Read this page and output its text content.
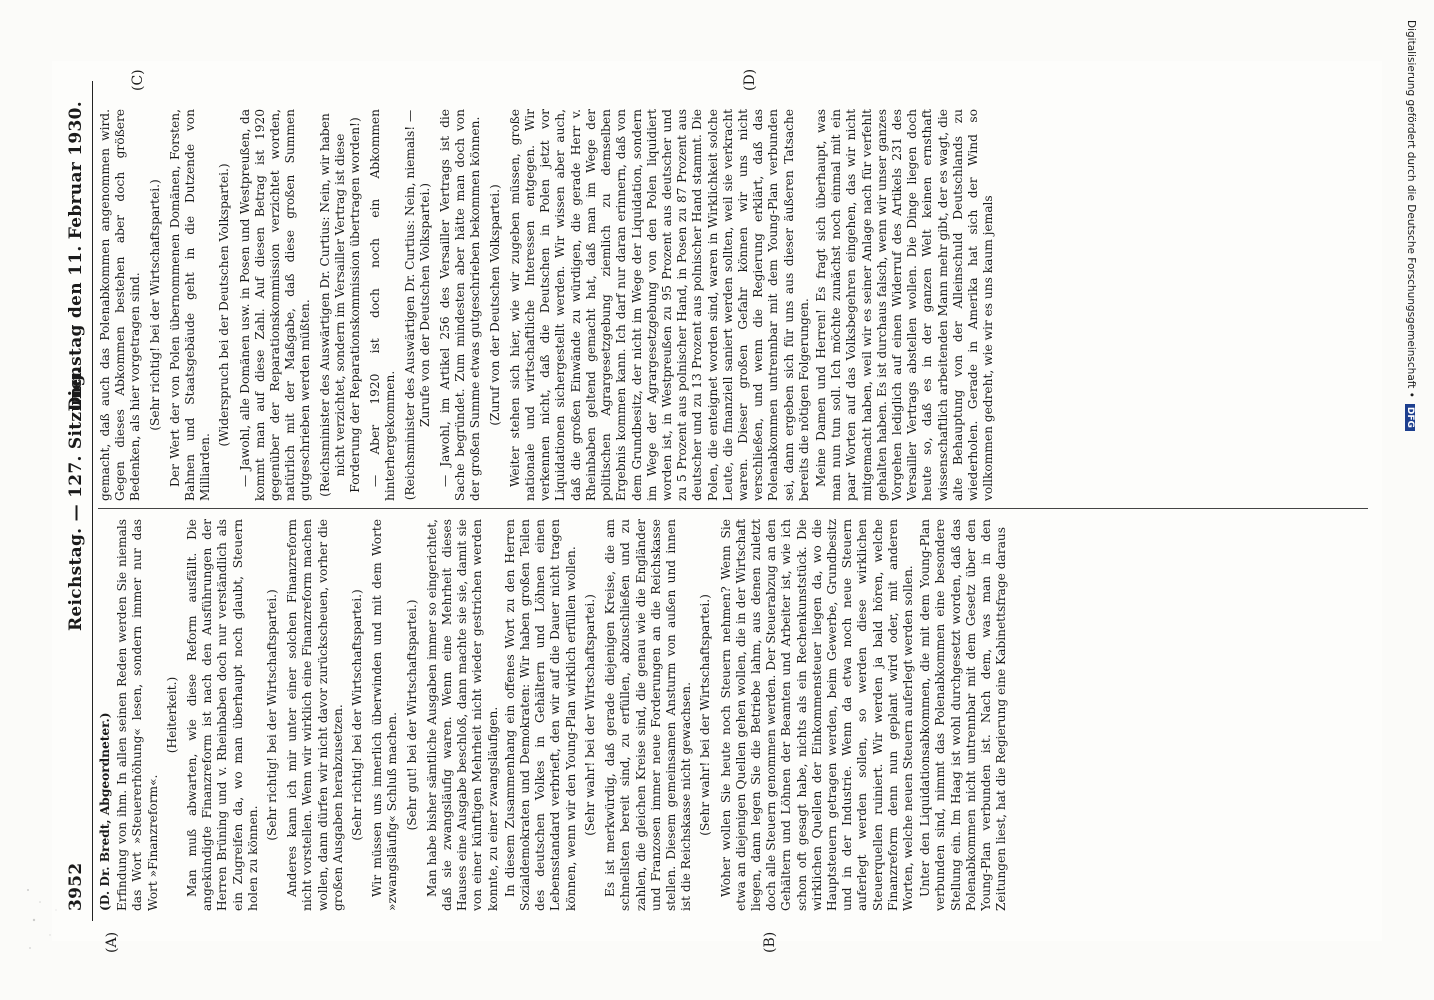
3952
Reichstag. — 127. Sitzung.
Dienstag den 11. Februar 1930.
(A)	(B)
(C)	(D)

(D. Dr. Bredt, Abgeordneter.) Erfindung von ihm. In allen seinen Reden werden Sie niemals das Wort »Steuererhöhung« lesen, sondern immer nur das Wort »Finanzreform«.

(Heiterkeit.) Man muß abwarten, wie diese Reform ausfällt. Die angekündigte Finanzreform ist nach den Ausführungen der Herren Brüning und v. Rheinbaben doch nur verständlich als ein Zugreifen da, wo man überhaupt noch glaubt, Steuern holen zu können.

(Sehr richtig! bei der Wirtschaftspartei.) Anderes kann ich mir unter einer solchen Finanzreform nicht vorstellen. Wenn wir wirklich eine Finanzreform machen wollen, dann dürfen wir nicht davor zurückscheuen, vorher die großen Ausgaben herabzusetzen. (Sehr richtig! bei der Wirtschaftspartei.) Wir müssen uns innerlich überwinden und mit dem Worte »zwangsläufig« Schluß machen. (Sehr gut! bei der Wirtschaftspartei.) Man habe bisher sämtliche Ausgaben immer so eingerichtet, daß sie zwangsläufig waren. Wenn eine Mehrheit dieses Hauses eine Ausgabe beschloß, dann machte sie sie, damit sie von einer künftigen Mehrheit nicht wieder gestrichen werden konnte, zu einer zwangsläufigen. In diesem Zusammenhang ein offenes Wort zu den Herren Sozialdemokraten und Demokraten: Wir haben großen Teilen des deutschen Volkes in Gehältern und Löhnen einen Lebensstandard verbrieft, den wir auf die Dauer nicht tragen können, wenn wir den Young-Plan wirklich erfüllen wollen. (Sehr wahr! bei der Wirtschaftspartei.) Es ist merkwürdig, daß gerade diejenigen Kreise, die am schnellsten bereit sind, zu erfüllen, abzuschließen und zu zahlen, die gleichen Kreise sind, die genau wie die Engländer und Franzosen immer neue Forderungen an die Reichskasse stellen. Diesem gemeinsamen Ansturm von außen und innen ist die Reichskasse nicht gewachsen. (Sehr wahr! bei der Wirtschaftspartei.) Woher wollen Sie heute noch Steuern nehmen? Wenn Sie etwa an diejenigen Quellen gehen wollen, die in der Wirtschaft liegen, dann legen Sie die Betriebe lahm, aus denen zuletzt doch alle Steuern genommen werden. Der Steuerabzug an den Gehältern und Löhnen der Beamten und Arbeiter ist, wie ich schon oft gesagt habe, nichts als ein Rechenkunststück. Die wirklichen Quellen der Einkommensteuer liegen da, wo die Hauptsteuern getragen werden, beim Gewerbe, Grundbesitz und in der Industrie. Wenn da etwa noch neue Steuern auferlegt werden sollen, so werden diese wirklichen Steuerquellen ruiniert. Wir werden ja bald hören, welche Finanzreform denn nun geplant wird oder, mit anderen Worten, welche neuen Steuern auferlegt werden sollen. Unter den Liquidationsabkommen, die mit dem Young-Plan verbunden sind, nimmt das Polenabkommen eine besondere Stellung ein. Im Haag ist wohl durchgesetzt worden, daß das Polenabkommen nicht untrennbar mit dem Gesetz über den Young-Plan verbunden ist. Nach dem, was man in den Zeitungen liest, hat die Regierung eine Kabinettsfrage daraus

gemacht, daß auch das Polenabkommen angenommen wird. Gegen dieses Abkommen bestehen aber doch größere Bedenken, als hier vorgetragen sind. (Sehr richtig! bei der Wirtschaftspartei.) Der Wert der von Polen übernommenen Domänen, Forsten, Bahnen und Staatsgebäude geht in die Dutzende von Milliarden.

(Widerspruch bei der Deutschen Volkspartei.) — Jawohl, alle Domänen usw. in Posen und Westpreußen, da kommt man auf diese Zahl. Auf diesen Betrag ist 1920 gegenüber der Reparationskommission verzichtet worden, natürlich mit der Maßgabe, daß diese großen Summen gutgeschrieben werden müßten. (Reichsminister des Auswärtigen Dr. Curtius: Nein, wir haben nicht verzichtet, sondern im Versailler Vertrag ist diese Forderung der Reparationskommission übertragen worden!) — Aber 1920 ist doch noch ein Abkommen hinterhergekommen. (Reichsminister des Auswärtigen Dr. Curtius: Nein, niemals! — Zurufe von der Deutschen Volkspartei.) — Jawohl, im Artikel 256 des Versailler Vertrags ist die Sache begründet. Zum mindesten aber hätte man doch von der großen Summe etwas gutgeschrieben bekommen können. (Zuruf von der Deutschen Volkspartei.) Weiter stehen sich hier, wie wir zugeben müssen, große nationale und wirtschaftliche Interessen entgegen. Wir verkennen nicht, daß die Deutschen in Polen jetzt vor Liquidationen sichergestellt werden. Wir wissen aber auch, daß die großen Einwände zu würdigen, die gerade Herr v. Rheinbaben geltend gemacht hat, daß man im Wege der politischen Agrargesetzgebung ziemlich zu demselben Ergebnis kommen kann. Ich darf nur daran erinnern, daß von dem Grundbesitz, der nicht im Wege der Liquidation, sondern im Wege der Agrargesetzgebung von den Polen liquidiert worden ist, in Westpreußen zu 95 Prozent aus deutscher und zu 5 Prozent aus polnischer Hand, in Posen zu 87 Prozent aus deutscher und zu 13 Prozent aus polnischer Hand stammt. Die Polen, die enteignet worden sind, waren in Wirklichkeit solche Leute, die finanziell saniert werden sollten, weil sie verkracht waren. Dieser großen Gefahr können wir uns nicht verschließen, und wenn die Regierung erklärt, daß das Polenabkommen untrennbar mit dem Young-Plan verbunden sei, dann ergeben sich für uns aus dieser äußeren Tatsache bereits die nötigen Folgerungen. Meine Damen und Herren! Es fragt sich überhaupt, was man nun tun soll. Ich möchte zunächst noch einmal mit ein paar Worten auf das Volksbegehren eingehen, das wir nicht mitgemacht haben, weil wir es seiner Anlage nach für verfehlt gehalten haben. Es ist durchaus falsch, wenn wir unser ganzes Vorgehen lediglich auf einen Widerruf des Artikels 231 des Versailler Vertrags abstellen wollen. Die Dinge liegen doch heute so, daß es in der ganzen Welt keinen ernsthaft wissenschaftlich arbeitenden Mann mehr gibt, der es wagt, die alte Behauptung von der Alleinschuld Deutschlands zu wiederholen. Gerade in Amerika hat sich der Wind so vollkommen gedreht, wie wir es uns kaum jemals	Digitalisierung gefördert durch die Deutsche Forschungsgemeinschaft •DFG
